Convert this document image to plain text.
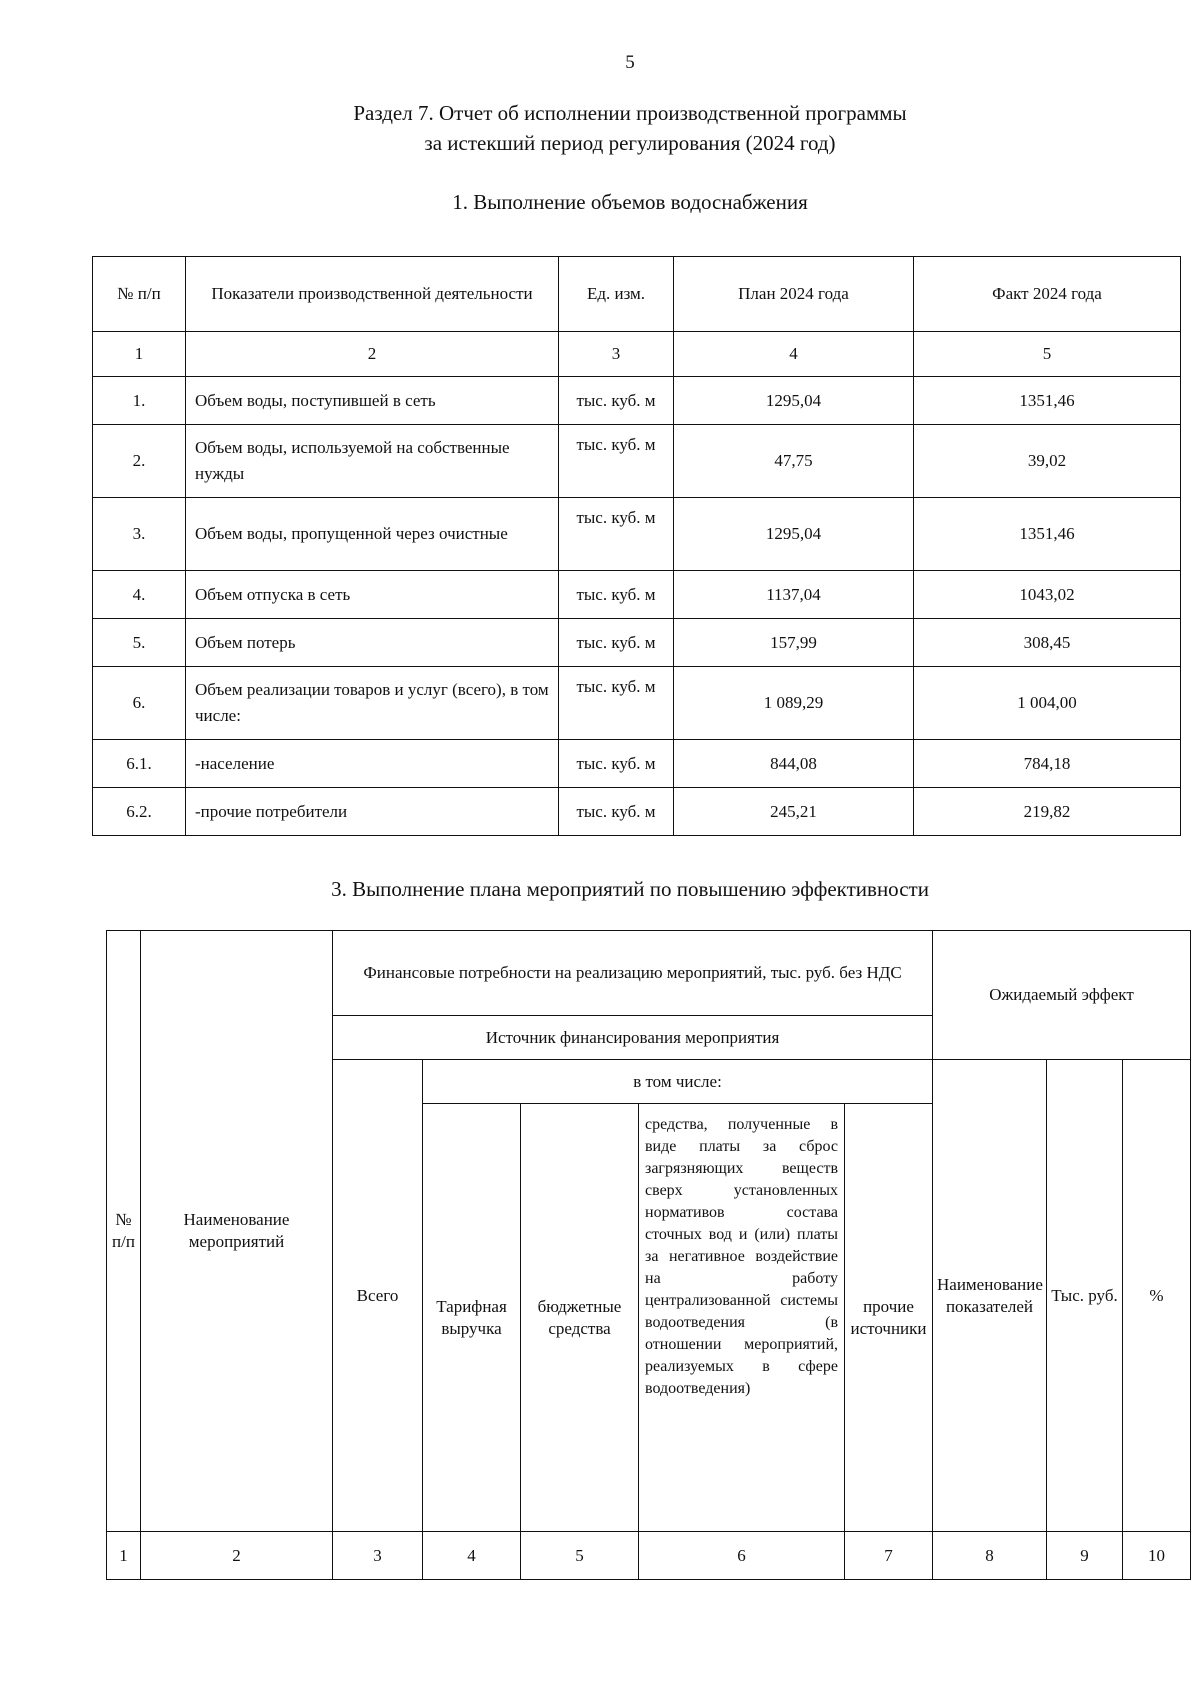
5
Раздел 7. Отчет об исполнении производственной программы
за истекший период регулирования (2024 год)
1. Выполнение объемов водоснабжения
№ п/п	Показатели производственной деятельности	Ед. изм.	План 2024 года	Факт 2024 года
1	2	3	4	5
1.	Объем воды, поступившей в сеть	тыс. куб. м	1295,04	1351,46
2.	Объем воды, используемой на собственные нужды	тыс. куб. м	47,75	39,02
3.	Объем воды, пропущенной через очистные	тыс. куб. м	1295,04	1351,46
4.	Объем отпуска в сеть	тыс. куб. м	1137,04	1043,02
5.	Объем потерь	тыс. куб. м	157,99	308,45
6.	Объем реализации товаров и услуг (всего), в том числе:	тыс. куб. м	1 089,29	1 004,00
6.1.	-население	тыс. куб. м	844,08	784,18
6.2.	-прочие потребители	тыс. куб. м	245,21	219,82
3. Выполнение плана мероприятий по повышению эффективности
№ п/п	Наименование мероприятий	Финансовые потребности на реализацию мероприятий, тыс. руб. без НДС					Ожидаемый эффект		
		Источник финансирования мероприятия							
		Всего	в том числе:				Наименование показателей	Тыс. руб.	%
			Тарифная выручка	бюджетные средства	средства, полученные в виде платы за сброс загрязняющих веществ сверх установленных нормативов состава сточных вод и (или) платы за негативное воздействие на работу централизованной системы водоотведения (в отношении мероприятий, реализуемых в сфере водоотведения)	прочие источники			
1	2	3	4	5	6	7	8	9	10
